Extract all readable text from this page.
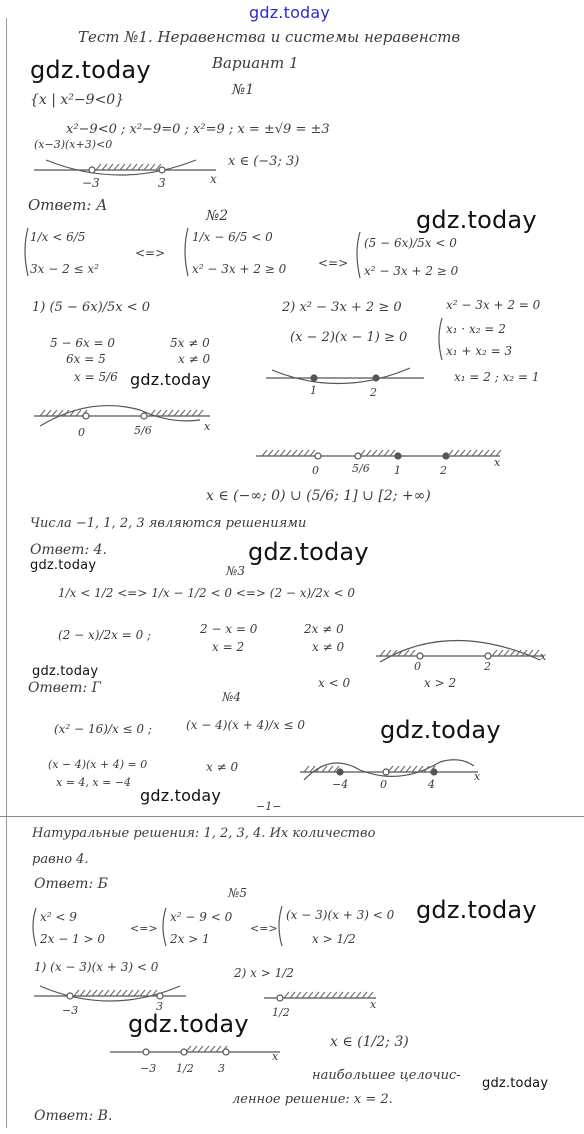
gdz.today
Тест №1. Неравенства и системы неравенств
Вариант 1
№1
{x | x²−9<0}
x²−9<0 ; x²−9=0 ; x²=9 ; x = ±√9 = ±3
(x−3)(x+3)<0
x ∈ (−3; 3)
−3	3	x
Ответ: А
№2
1/x < 6/5
3x − 2 ≤ x²
<=>
1/x − 6/5 < 0
x² − 3x + 2 ≥ 0	<=>
(5 − 6x)/5x < 0
x² − 3x + 2 ≥ 0
1) (5 − 6x)/5x < 0
5 − 6x = 0
6x = 5
x = 5/6
5x ≠ 0
x ≠ 0
2) x² − 3x + 2 ≥ 0
(x − 2)(x − 1) ≥ 0
x² − 3x + 2 = 0
x₁ · x₂ = 2
x₁ + x₂ = 3
x₁ = 2 ; x₂ = 1
0	5/6	x
1	2
0	5/6 1	2
x
x ∈ (−∞; 0) ∪ (5/6; 1] ∪ [2; +∞)
Числа −1, 1, 2, 3 являются решениями
Ответ: 4.
№3
1/x < 1/2 <=> 1/x − 1/2 < 0 <=> (2 − x)/2x < 0
(2 − x)/2x = 0 ;	2 − x = 0
x = 2
2x ≠ 0
x ≠ 0
0	2
x
x < 0	x > 2
Ответ: Г
№4
(x² − 16)/x ≤ 0 ;	(x − 4)(x + 4)/x ≤ 0
(x − 4)(x + 4) = 0
x = 4, x = −4
x ≠ 0
−4	0	4
x
−1−
Натуральные решения: 1, 2, 3, 4. Их количество
равно 4.
Ответ: Б
№5
x² < 9
2x − 1 > 0
<=>
x² − 9 < 0
2x > 1
<=>
(x − 3)(x + 3) < 0
x > 1/2
1) (x − 3)(x + 3) < 0	2) x > 1/2
−3	3	1/2
x
−3 1/2 3
x
x ∈ (1/2; 3)
наибольшее целочис-
ленное решение: x = 2.
Ответ: В.
gdz.today
gdz.today
gdz.today
gdz.today
gdz.today
gdz.today
gdz.today
gdz.today
gdz.today
gdz.today
gdz.today
